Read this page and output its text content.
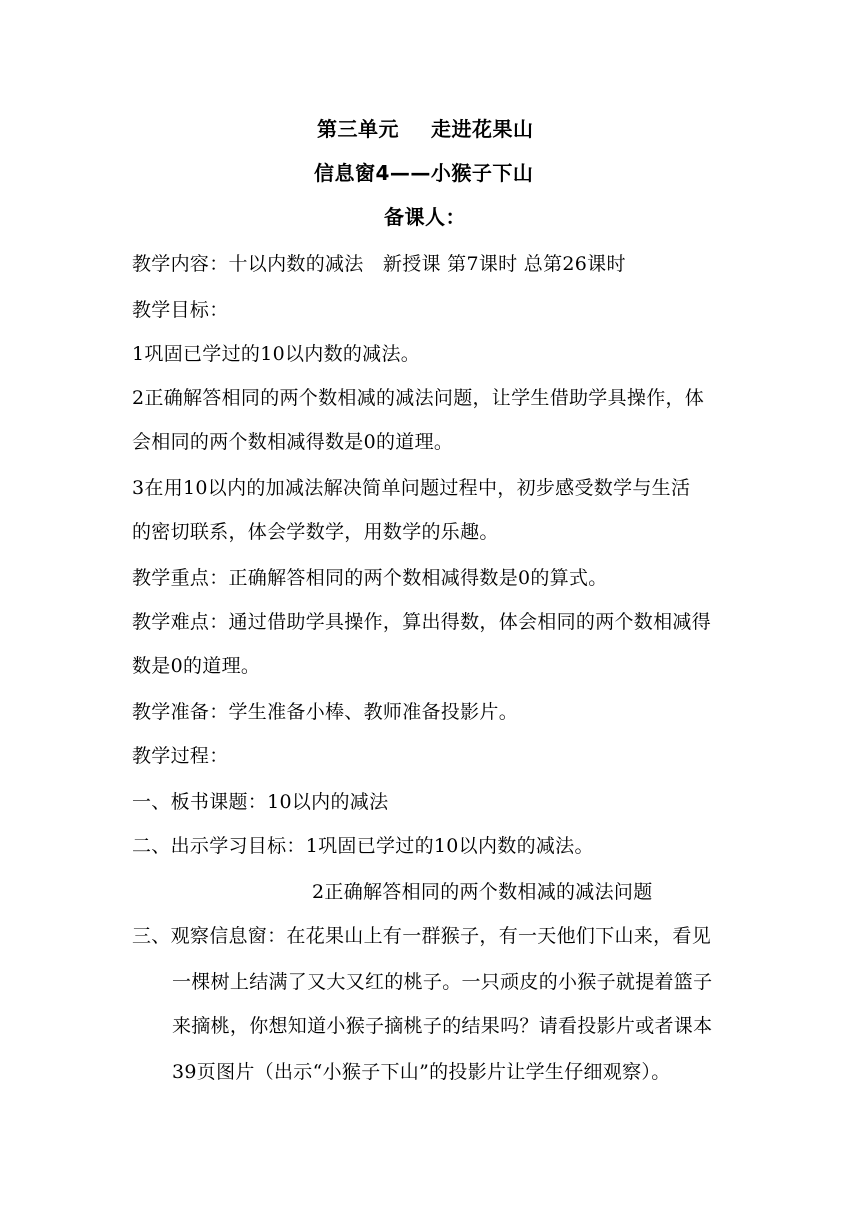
第三单元 走进花果山
信息窗4——小猴子下山
备课人：
教学内容：十以内数的减法　新授课 第7课时 总第26课时
教学目标：
1巩固已学过的10以内数的减法。
2正确解答相同的两个数相减的减法问题，让学生借助学具操作，体
会相同的两个数相减得数是0的道理。
3在用10以内的加减法解决简单问题过程中，初步感受数学与生活
的密切联系，体会学数学，用数学的乐趣。
教学重点：正确解答相同的两个数相减得数是0的算式。
教学难点：通过借助学具操作，算出得数，体会相同的两个数相减得
数是0的道理。
教学准备：学生准备小棒、教师准备投影片。
教学过程：
一、板书课题：10以内的减法
二、出示学习目标：1巩固已学过的10以内数的减法。
2正确解答相同的两个数相减的减法问题
三、观察信息窗：在花果山上有一群猴子，有一天他们下山来，看见
一棵树上结满了又大又红的桃子。一只顽皮的小猴子就提着篮子
来摘桃，你想知道小猴子摘桃子的结果吗？请看投影片或者课本
39页图片（出示“小猴子下山”的投影片让学生仔细观察）。
